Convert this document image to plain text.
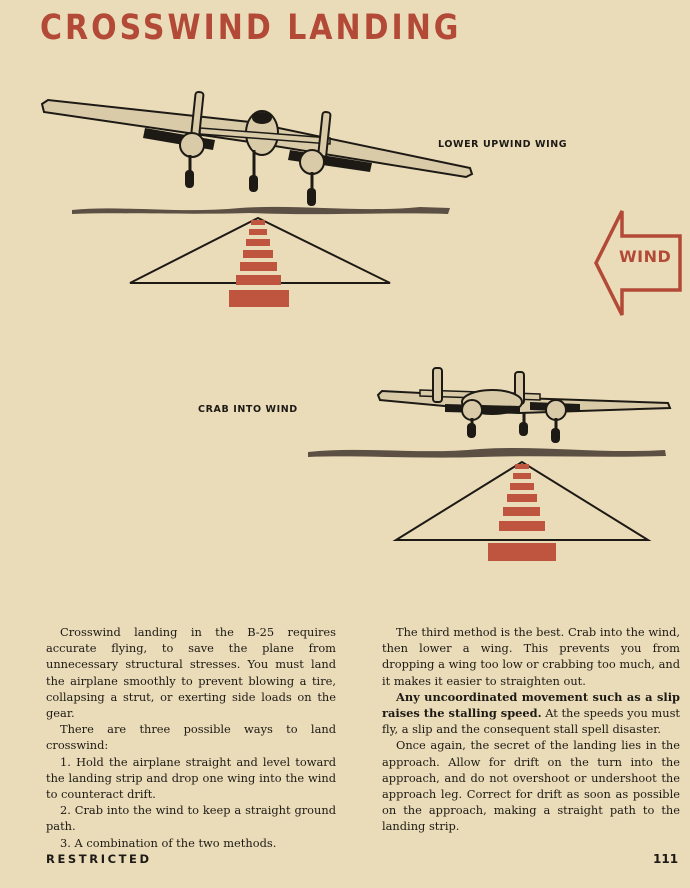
CROSSWIND LANDING
LOWER UPWIND WING
CRAB INTO WIND
WIND

Crosswind landing in the B-25 requires accurate flying, to save the plane from unnecessary structural stresses. You must land the airplane smoothly to prevent blowing a tire, collapsing a strut, or exerting side loads on the gear.

There are three possible ways to land crosswind:

1. Hold the airplane straight and level toward the landing strip and drop one wing into the wind to counteract drift.

2. Crab into the wind to keep a straight ground path.

3. A combination of the two methods.

The third method is the best. Crab into the wind, then lower a wing. This prevents you from dropping a wing too low or crabbing too much, and it makes it easier to straighten out.

Any uncoordinated movement such as a slip raises the stalling speed. At the speeds you must fly, a slip and the consequent stall spell disaster.

Once again, the secret of the landing lies in the approach. Allow for drift on the turn into the approach, and do not overshoot or undershoot the approach leg. Correct for drift as soon as possible on the approach, making a straight path to the landing strip.

RESTRICTED	111
